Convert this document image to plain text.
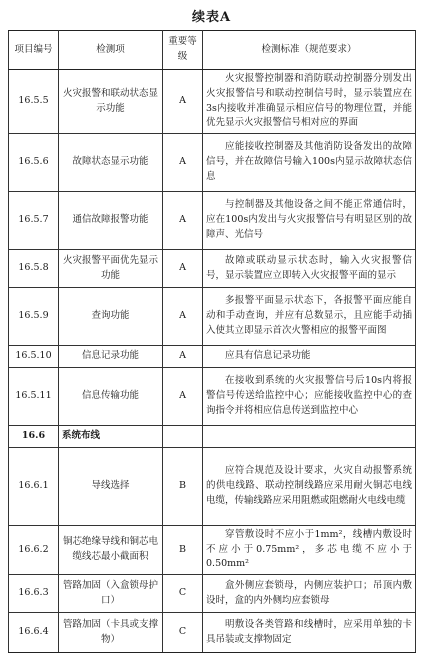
续表A
项目编号	检测项	重要等级	检测标准（规范要求）
16.5.5	火灾报警和联动状态显示功能	A	火灾报警控制器和消防联动控制器分别发出火灾报警信号和联动控制信号时，显示装置应在3s内接收并准确显示相应信号的物理位置，并能优先显示火灾报警信号相对应的界面
16.5.6	故障状态显示功能	A	应能接收控制器及其他消防设备发出的故障信号，并在故障信号输入100s内显示故障状态信息
16.5.7	通信故障报警功能	A	与控制器及其他设备之间不能正常通信时，应在100s内发出与火灾报警信号有明显区别的故障声、光信号
16.5.8	火灾报警平面优先显示功能	A	故障或联动显示状态时，输入火灾报警信号，显示装置应立即转入火灾报警平面的显示
16.5.9	查询功能	A	多报警平面显示状态下，各报警平面应能自动和手动查询，并应有总数显示，且应能手动插入使其立即显示首次火警相应的报警平面图
16.5.10	信息记录功能	A	应具有信息记录功能
16.5.11	信息传输功能	A	在接收到系统的火灾报警信号后10s内将报警信号传送给监控中心；应能接收监控中心的查询指令并将相应信息传送到监控中心
16.6	系统布线		
16.6.1	导线选择	B	应符合规范及设计要求，火灾自动报警系统的供电线路、联动控制线路应采用耐火铜芯电线电缆，传输线路应采用阻燃或阻燃耐火电线电缆
16.6.2	铜芯绝缘导线和铜芯电缆线芯最小截面积	B	穿管敷设时不应小于1mm²，线槽内敷设时不应小于0.75mm²，多芯电缆不应小于0.50mm²
16.6.3	管路加固（入盒锁母护口）	C	盒外侧应套锁母，内侧应装护口；吊顶内敷设时，盒的内外侧均应套锁母
16.6.4	管路加固（卡具或支撑物）	C	明敷设各类管路和线槽时，应采用单独的卡具吊装或支撑物固定
